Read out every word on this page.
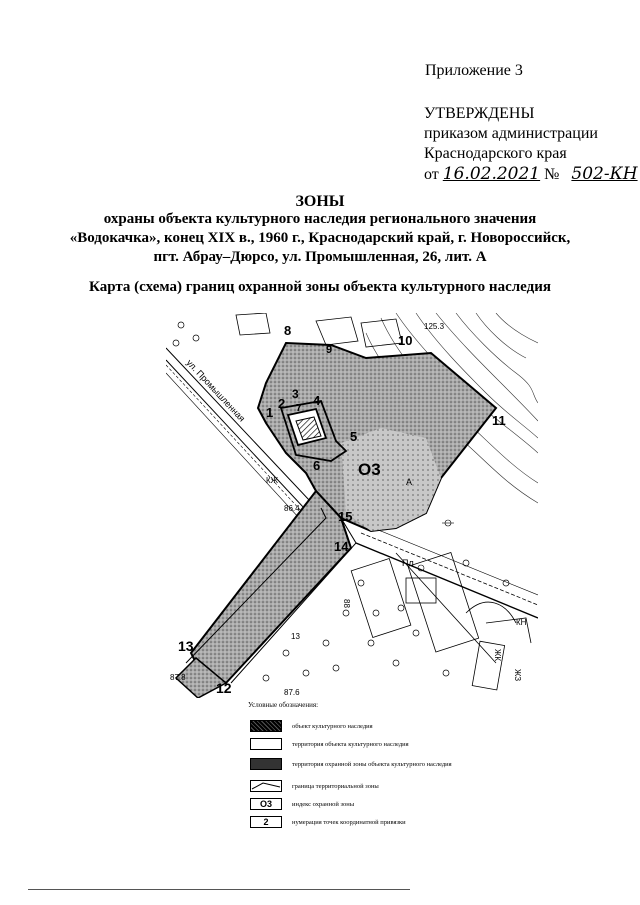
Приложение 3
УТВЕРЖДЕНЫ
приказом администрации
Краснодарского края
от 16.02.2021 № 502-КН
ЗОНЫ
охраны объекта культурного наследия регионального значения
«Водокачка», конец XIX в., 1960 г., Краснодарский край, г. Новороссийск,
пгт. Абрау–Дюрсо, ул. Промышленная, 26, лит. А
Карта (схема) границ охранной зоны объекта культурного наследия
ул. Промышленная
О3
1
2
3 4
5
6
7
8
9
10
11
12
13
14
15
125.3
86.4
87.8
87.6
13
88
Пл
А
КН
ЖЗ
ЖК
КЖ
Условные обозначения:
объект культурного наследия
территория объекта культурного наследия
территория охранной зоны объекта культурного наследия
граница территориальной зоны
О3	индекс охранной зоны
2	нумерация точек координатной привязки
